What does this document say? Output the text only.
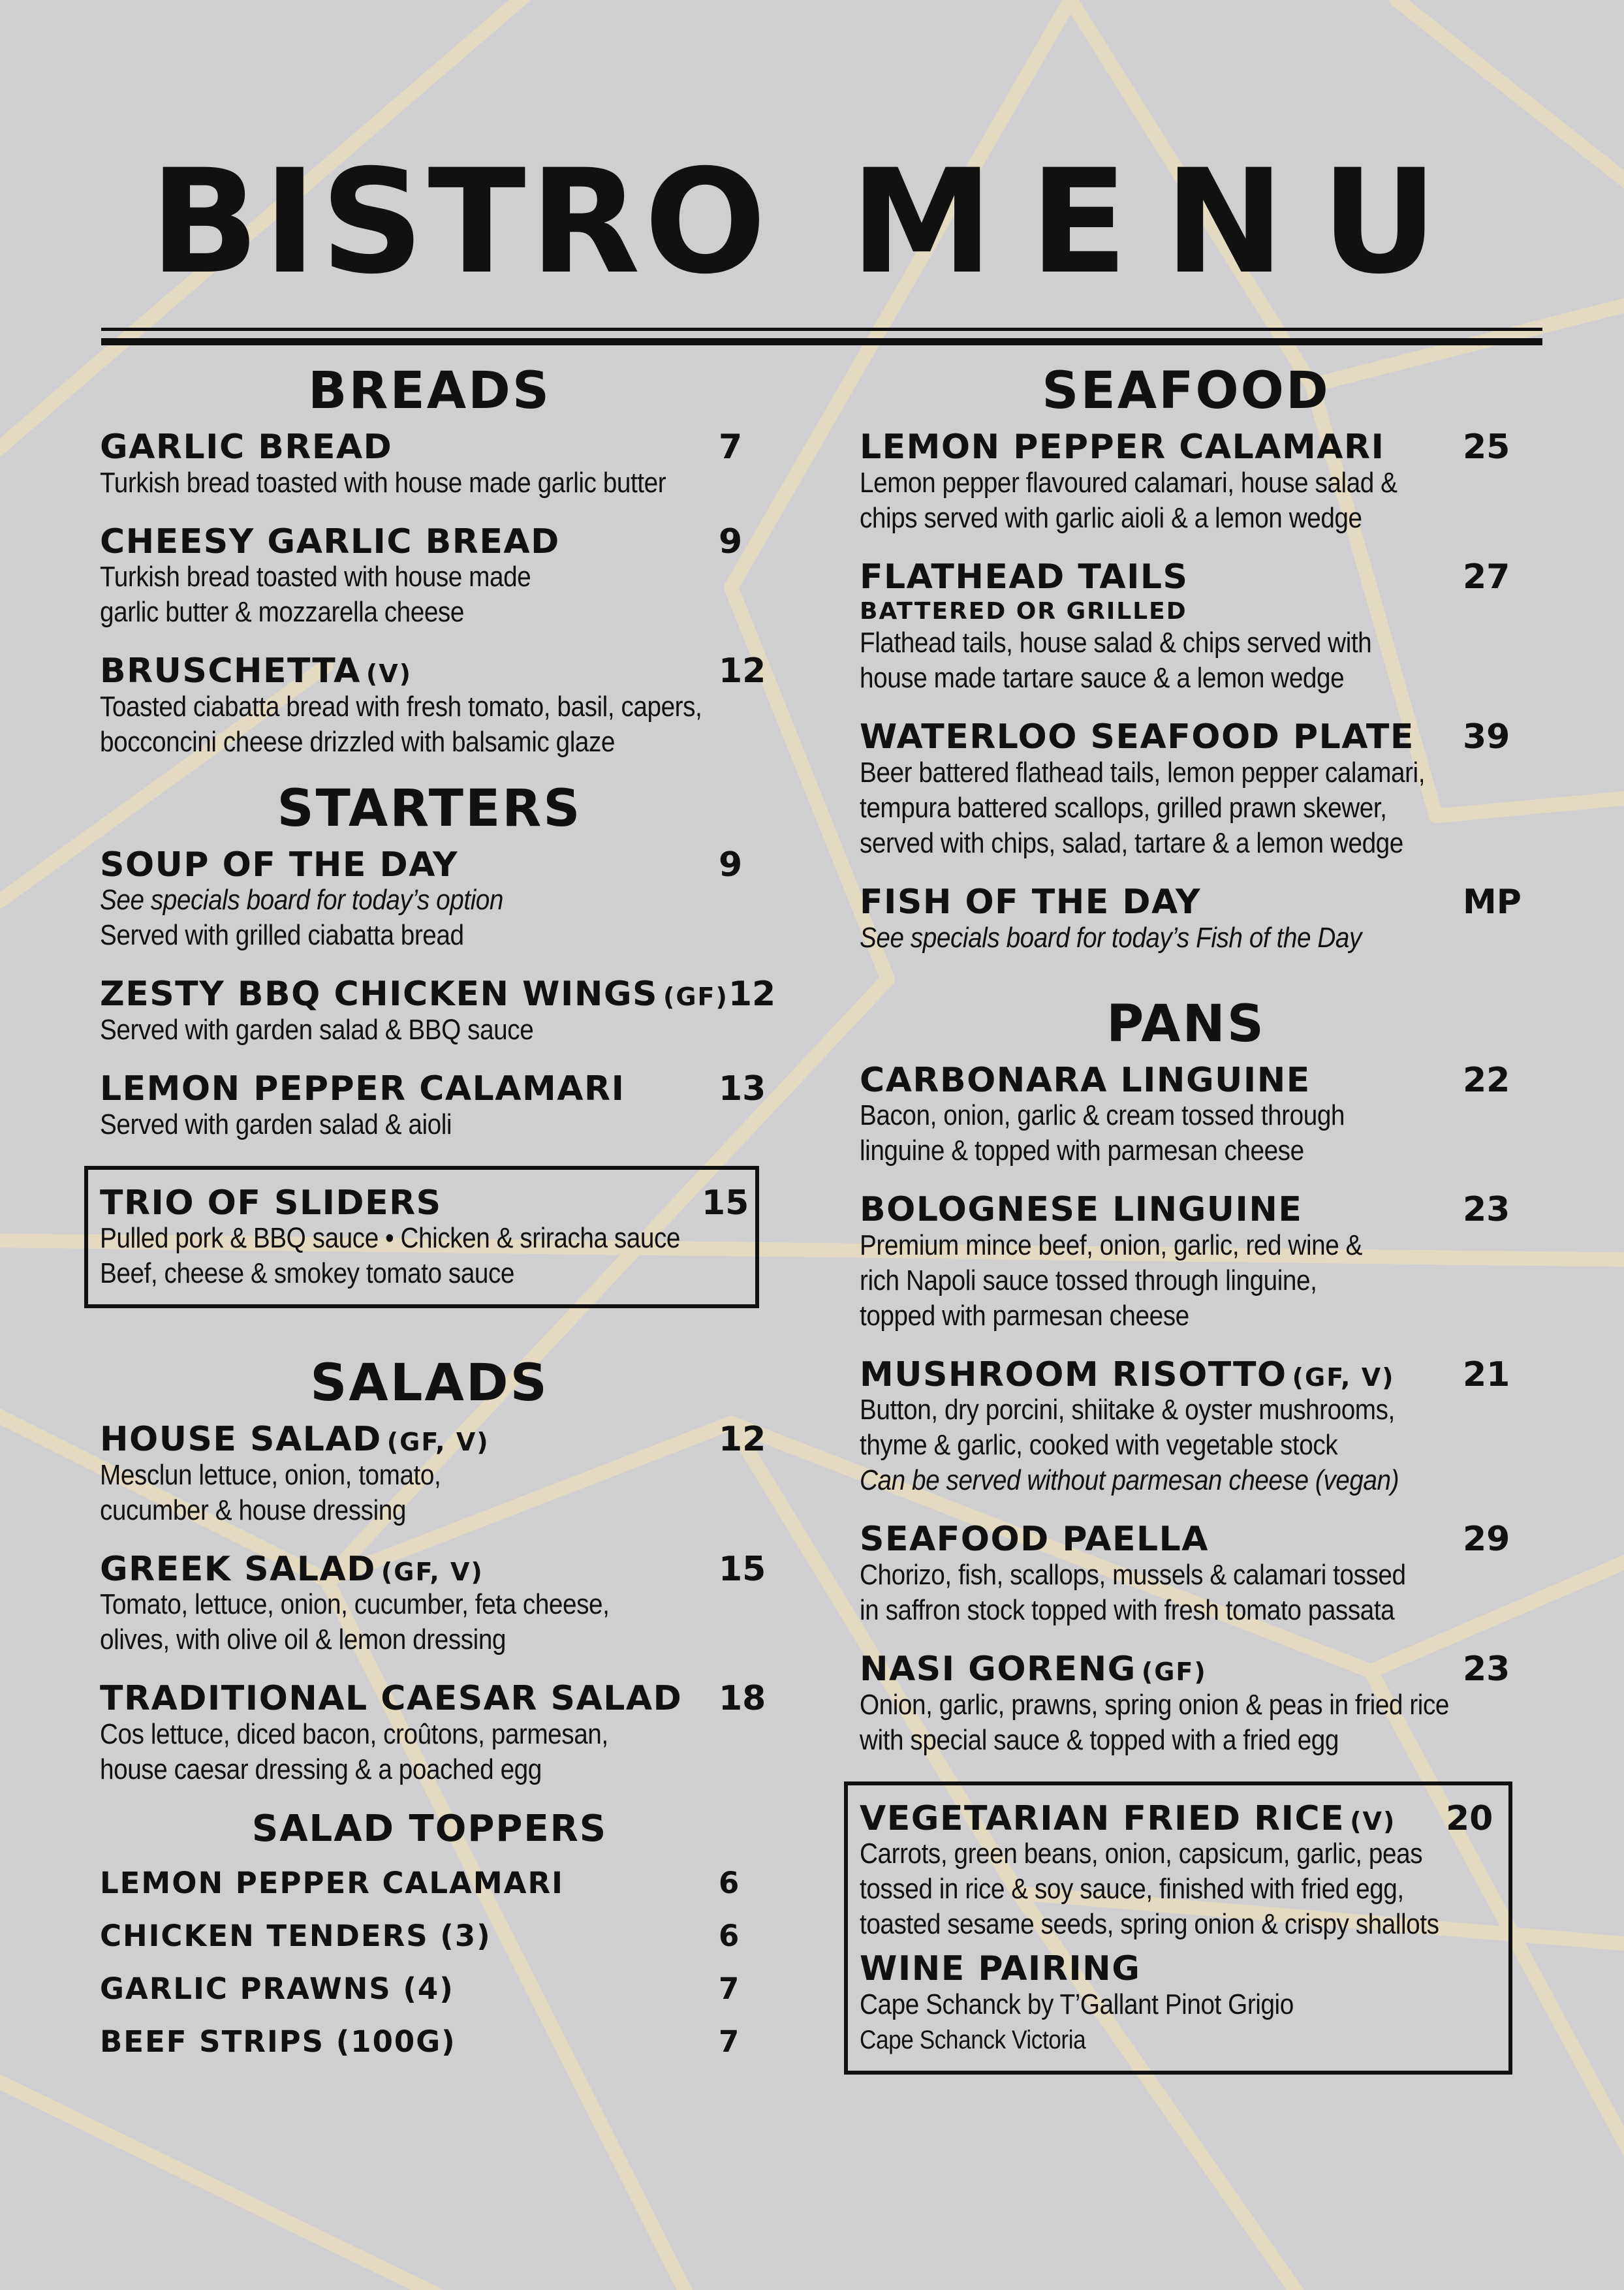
BISTRO MENU
BREADS
GARLIC BREAD	7
Turkish bread toasted with house made garlic butter
CHEESY GARLIC BREAD	9
Turkish bread toasted with house made
garlic butter & mozzarella cheese
BRUSCHETTA (V)	12
Toasted ciabatta bread with fresh tomato, basil, capers,
bocconcini cheese drizzled with balsamic glaze
STARTERS
SOUP OF THE DAY	9
See specials board for today’s option
Served with grilled ciabatta bread
ZESTY BBQ CHICKEN WINGS (GF) 12
Served with garden salad & BBQ sauce
LEMON PEPPER CALAMARI	13
Served with garden salad & aioli
TRIO OF SLIDERS	15
Pulled pork & BBQ sauce • Chicken & sriracha sauce
Beef, cheese & smokey tomato sauce
SALADS
HOUSE SALAD (GF, V)	12
Mesclun lettuce, onion, tomato,
cucumber & house dressing
GREEK SALAD (GF, V)	15
Tomato, lettuce, onion, cucumber, feta cheese,
olives, with olive oil & lemon dressing
TRADITIONAL CAESAR SALAD 18
Cos lettuce, diced bacon, croûtons, parmesan,
house caesar dressing & a poached egg
SALAD TOPPERS
LEMON PEPPER CALAMARI	6
CHICKEN TENDERS (3)	6
GARLIC PRAWNS (4)	7
BEEF STRIPS (100G)	7
SEAFOOD
LEMON PEPPER CALAMARI 25
Lemon pepper flavoured calamari, house salad &
chips served with garlic aioli & a lemon wedge
FLATHEAD TAILS	27
BATTERED OR GRILLED
Flathead tails, house salad & chips served with
house made tartare sauce & a lemon wedge
WATERLOO SEAFOOD PLATE 39
Beer battered flathead tails, lemon pepper calamari,
tempura battered scallops, grilled prawn skewer,
served with chips, salad, tartare & a lemon wedge
FISH OF THE DAY	MP
See specials board for today’s Fish of the Day
PANS
CARBONARA LINGUINE	22
Bacon, onion, garlic & cream tossed through
linguine & topped with parmesan cheese
BOLOGNESE LINGUINE	23
Premium mince beef, onion, garlic, red wine &
rich Napoli sauce tossed through linguine,
topped with parmesan cheese
MUSHROOM RISOTTO (GF, V) 21
Button, dry porcini, shiitake & oyster mushrooms,
thyme & garlic, cooked with vegetable stock
Can be served without parmesan cheese (vegan)
SEAFOOD PAELLA	29
Chorizo, fish, scallops, mussels & calamari tossed
in saffron stock topped with fresh tomato passata
NASI GORENG (GF)	23
Onion, garlic, prawns, spring onion & peas in fried rice
with special sauce & topped with a fried egg
VEGETARIAN FRIED RICE (V) 20
Carrots, green beans, onion, capsicum, garlic, peas
tossed in rice & soy sauce, finished with fried egg,
toasted sesame seeds, spring onion & crispy shallots
WINE PAIRING
Cape Schanck by T’Gallant Pinot Grigio
Cape Schanck Victoria
